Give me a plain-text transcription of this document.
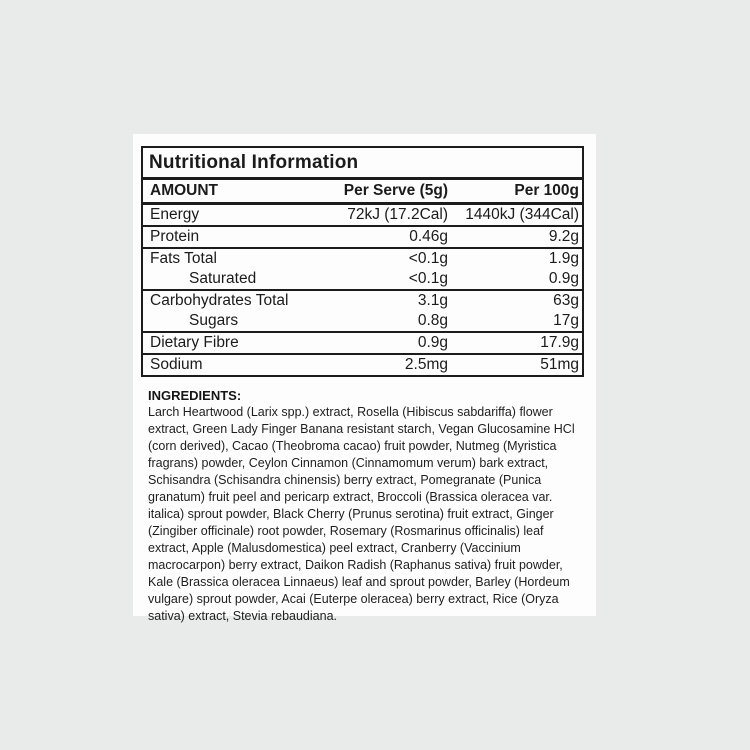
Nutritional Information
AMOUNT	Per Serve (5g)	Per 100g
Energy	72kJ (17.2Cal)	1440kJ (344Cal)
Protein	0.46g	9.2g
Fats Total	<0.1g	1.9g
Saturated	<0.1g	0.9g
Carbohydrates Total	3.1g	63g
Sugars	0.8g	17g
Dietary Fibre	0.9g	17.9g
Sodium	2.5mg	51mg
INGREDIENTS:
Larch Heartwood (Larix spp.) extract, Rosella (Hibiscus sabdariffa) flower extract, Green Lady Finger Banana resistant starch, Vegan Glucosamine HCl (corn derived), Cacao (Theobroma cacao) fruit powder, Nutmeg (Myristica fragrans) powder, Ceylon Cinnamon (Cinnamomum verum) bark extract, Schisandra (Schisandra chinensis) berry extract, Pomegranate (Punica granatum) fruit peel and pericarp extract, Broccoli (Brassica oleracea var. italica) sprout powder, Black Cherry (Prunus serotina) fruit extract, Ginger (Zingiber officinale) root powder, Rosemary (Rosmarinus officinalis) leaf extract, Apple (Malusdomestica) peel extract, Cranberry (Vaccinium macrocarpon) berry extract, Daikon Radish (Raphanus sativa) fruit powder, Kale (Brassica oleracea Linnaeus) leaf and sprout powder, Barley (Hordeum vulgare) sprout powder, Acai (Euterpe oleracea) berry extract, Rice (Oryza sativa) extract, Stevia rebaudiana.
